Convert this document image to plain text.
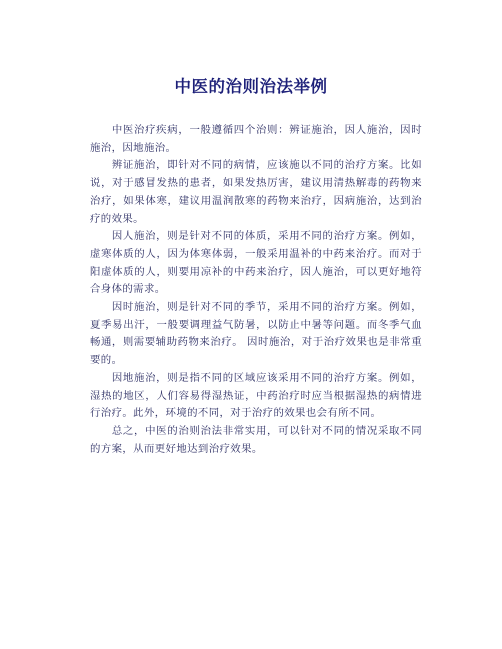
中医的治则治法举例

中医治疗疾病，一般遵循四个治则：辨证施治，因人施治，因时施治，因地施治。

辨证施治，即针对不同的病情，应该施以不同的治疗方案。比如说，对于感冒发热的患者，如果发热厉害，建议用清热解毒的药物来治疗，如果体寒，建议用温润散寒的药物来治疗，因病施治，达到治疗的效果。

因人施治，则是针对不同的体质，采用不同的治疗方案。例如，虚寒体质的人，因为体寒体弱，一般采用温补的中药来治疗。而对于阳虚体质的人，则要用凉补的中药来治疗，因人施治，可以更好地符合身体的需求。

因时施治，则是针对不同的季节，采用不同的治疗方案。例如，夏季易出汗，一般要调理益气防暑，以防止中暑等问题。而冬季气血畅通，则需要辅助药物来治疗。 因时施治，对于治疗效果也是非常重要的。

因地施治，则是指不同的区域应该采用不同的治疗方案。例如，湿热的地区，人们容易得湿热证，中药治疗时应当根据湿热的病情进行治疗。此外，环境的不同，对于治疗的效果也会有所不同。

总之，中医的治则治法非常实用，可以针对不同的情况采取不同的方案，从而更好地达到治疗效果。
